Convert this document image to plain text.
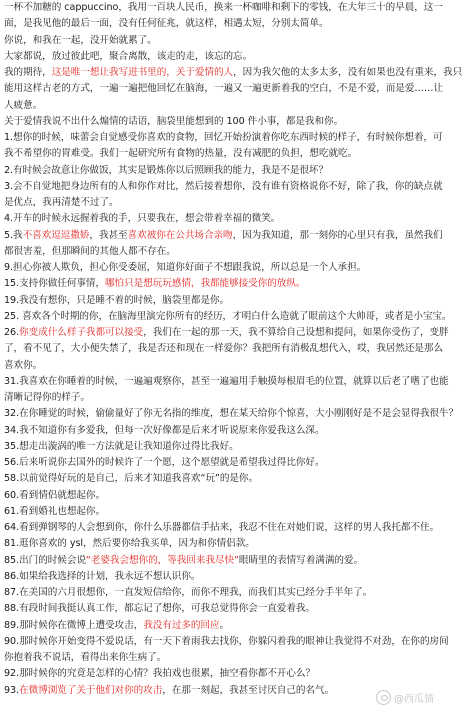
一杯不加糖的 cappuccino，我用一百块人民币，换来一杯咖啡和剩下的零钱，在大年三十的早晨，这一
面，是我见他的最后一面，没有任何征兆，就这样，相遇太短，分别太简单。
你说，和我在一起，没开始就累了。
大家都说，放过彼此吧，聚合离散，该走的走，该忘的忘。
我的期待，这是唯一想让我写进书里的，关于爱情的人，因为我欠他的太多太多，没有如果也没有重来，我只
能用这样古老的方式，一遍一遍把他回忆在脑海，一遍又一遍更新着我的空白，不是不爱，而是爱……让
人疲惫。
关于爱情我说不出什么煽情的话语，脑袋里能想到的 100 件小事，都是我和你。
1.想你的时候，味蕾会自觉感受你喜欢的食物，回忆开始扮演着你吃东西时候的样子，有时候你想着，可
我不希望你的胃难受。我们一起研究所有食物的热量，没有减肥的负担，想吃就吃。
2.有时候会故意让你做饭，其实是锻炼你以后照顾我的能力，我是不是很坏？
3.会不自觉地把身边所有的人和你作对比，然后接着想你，没有谁有资格说你不好，除了我，你的缺点就
是优点，我再清楚不过了。
4.开车的时候永远握着我的手，只要我在，想会带着幸福的微笑。
5.我不喜欢逗逗撒娇，我甚至喜欢被你在公共场合亲吻，因为我知道，那一刻你的心里只有我，虽然我们
都很害羞，但那瞬间的其他人都不存在。
9.担心你被人欺负，担心你受委屈，知道你好面子不想跟我说，所以总是一个人承担。
15.支持你做任何事情，哪怕只是想玩玩感情，我都能够接受你的放纵。
19.我没有想你，只是睡不着的时候，脑袋里都是你。
25. 喜欢各个时期的你，在脑海里演完你所有的经历，才明白什么造就了眼前这个大帅哥，或者是小宝宝。
26.你变成什么样子我都可以接受，我们在一起的那一天，我不算给自己设想和提问，如果你受伤了，变胖
了，看不见了，大小便失禁了，我是否还和现在一样爱你？我把所有消极乱想代入，哎，我居然还是那么
喜欢你。
31.我喜欢在你睡着的时候，一遍遍观察你，甚至一遍遍用手触摸每根眉毛的位置，就算以后老了嗜了也能
清晰记得你的样子。
32.在你睡觉的时候，偷偷量好了你无名指的维度，想在某天给你个惊喜，大小刚刚好是不是会显得我很牛？
34.我不知道你有多爱我，但每一次好像都是后来才听说原来你爱我这么深。
35.想走出漩涡的唯一方法就是让我知道你过得比我好。
56.后来听说你去国外的时候许了一个愿，这个愿望就是希望我过得比你好。
58.以前觉得好玩的是自己，后来才知道我喜欢“玩”的是你。
60.看到情侣就想起你。
61.看到婚礼也想起你。
64.看到弹钢琴的人会想到你，你什么乐器都信手拈来，我忍不住在对她们说，这样的男人我托都不住。
81.逛你喜欢的 ysl，然后要你给我买单，因为和你情侣款。
85.出门的时候会说“老婆我会想你的，等我回来我尽快”眼睛里的表情写着满满的爱。
86.如果给我选择的计划，我永远不想认识你。
87.在美国的六月很想你，一直发短信给你，而你不理我，而我们其实已经分手半年了。
88.有段时间我挺认真工作，都忘记了想你，可我总觉得你会一直爱着我。
89.那时候你在微博上遭受攻击，我没有过多的回应。
90.那时候你开始变得不爱说话，有一天下着雨我去找你，你躲闪着我的眼神让我觉得不对劲，在你的房间
你抱着我不说话，看得出来你生病了。
92.那时候你的究竟是怎样的心情？我拍戏也很累，抽空看你都不开心么？
93.在微博浏览了关于他们对你的攻击，在那一刻起，我甚至讨厌自己的名气。
@西瓜猫
